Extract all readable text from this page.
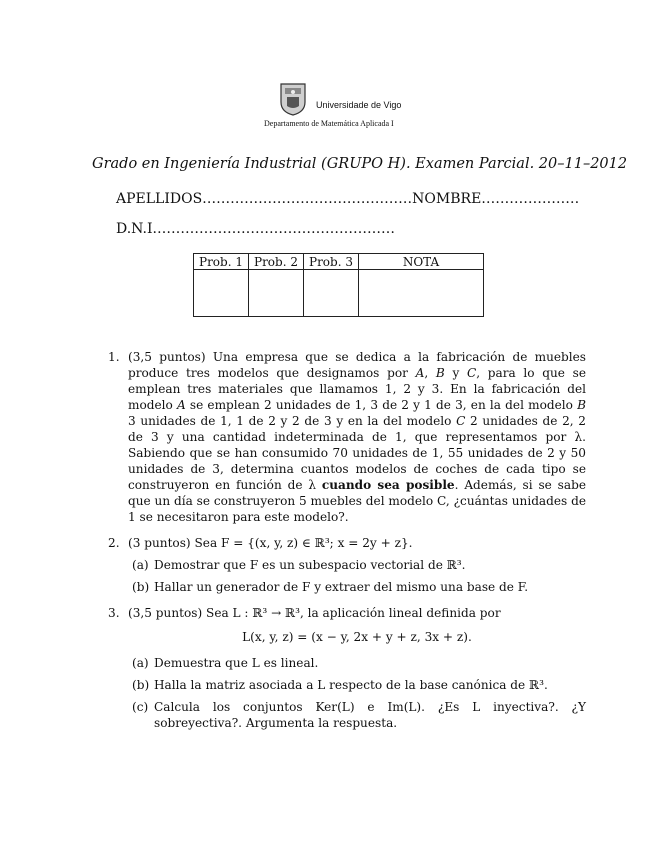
Universidade de Vigo
Departamento de Matemática Aplicada I
Grado en Ingeniería Industrial (GRUPO H). Examen Parcial. 20–11–2012
APELLIDOS………………………………………NOMBRE…………………
D.N.I.……………………………………………
Prob. 1	Prob. 2	Prob. 3	NOTA

1. (3,5 puntos) Una empresa que se dedica a la fabricación de muebles produce tres modelos que designamos por A, B y C, para lo que se emplean tres materiales que llamamos 1, 2 y 3. En la fabricación del modelo A se emplean 2 unidades de 1, 3 de 2 y 1 de 3, en la del modelo B 3 unidades de 1, 1 de 2 y 2 de 3 y en la del modelo C 2 unidades de 2, 2 de 3 y una cantidad indeterminada de 1, que representamos por λ. Sabiendo que se han consumido 70 unidades de 1, 55 unidades de 2 y 50 unidades de 3, determina cuantos modelos de coches de cada tipo se construyeron en función de λ cuando sea posible. Además, si se sabe que un día se construyeron 5 muebles del modelo C, ¿cuántas unidades de 1 se necesitaron para este modelo?.
2. (3 puntos) Sea F = {(x, y, z) ∈ ℝ³; x = 2y + z}.
(a) Demostrar que F es un subespacio vectorial de ℝ³.
(b) Hallar un generador de F y extraer del mismo una base de F.
3. (3,5 puntos) Sea L : ℝ³ → ℝ³, la aplicación lineal definida por
L(x, y, z) = (x − y, 2x + y + z, 3x + z).
(a) Demuestra que L es lineal.
(b) Halla la matriz asociada a L respecto de la base canónica de ℝ³.
(c) Calcula los conjuntos Ker(L) e Im(L). ¿Es L inyectiva?. ¿Y sobreyectiva?. Argumenta la respuesta.
